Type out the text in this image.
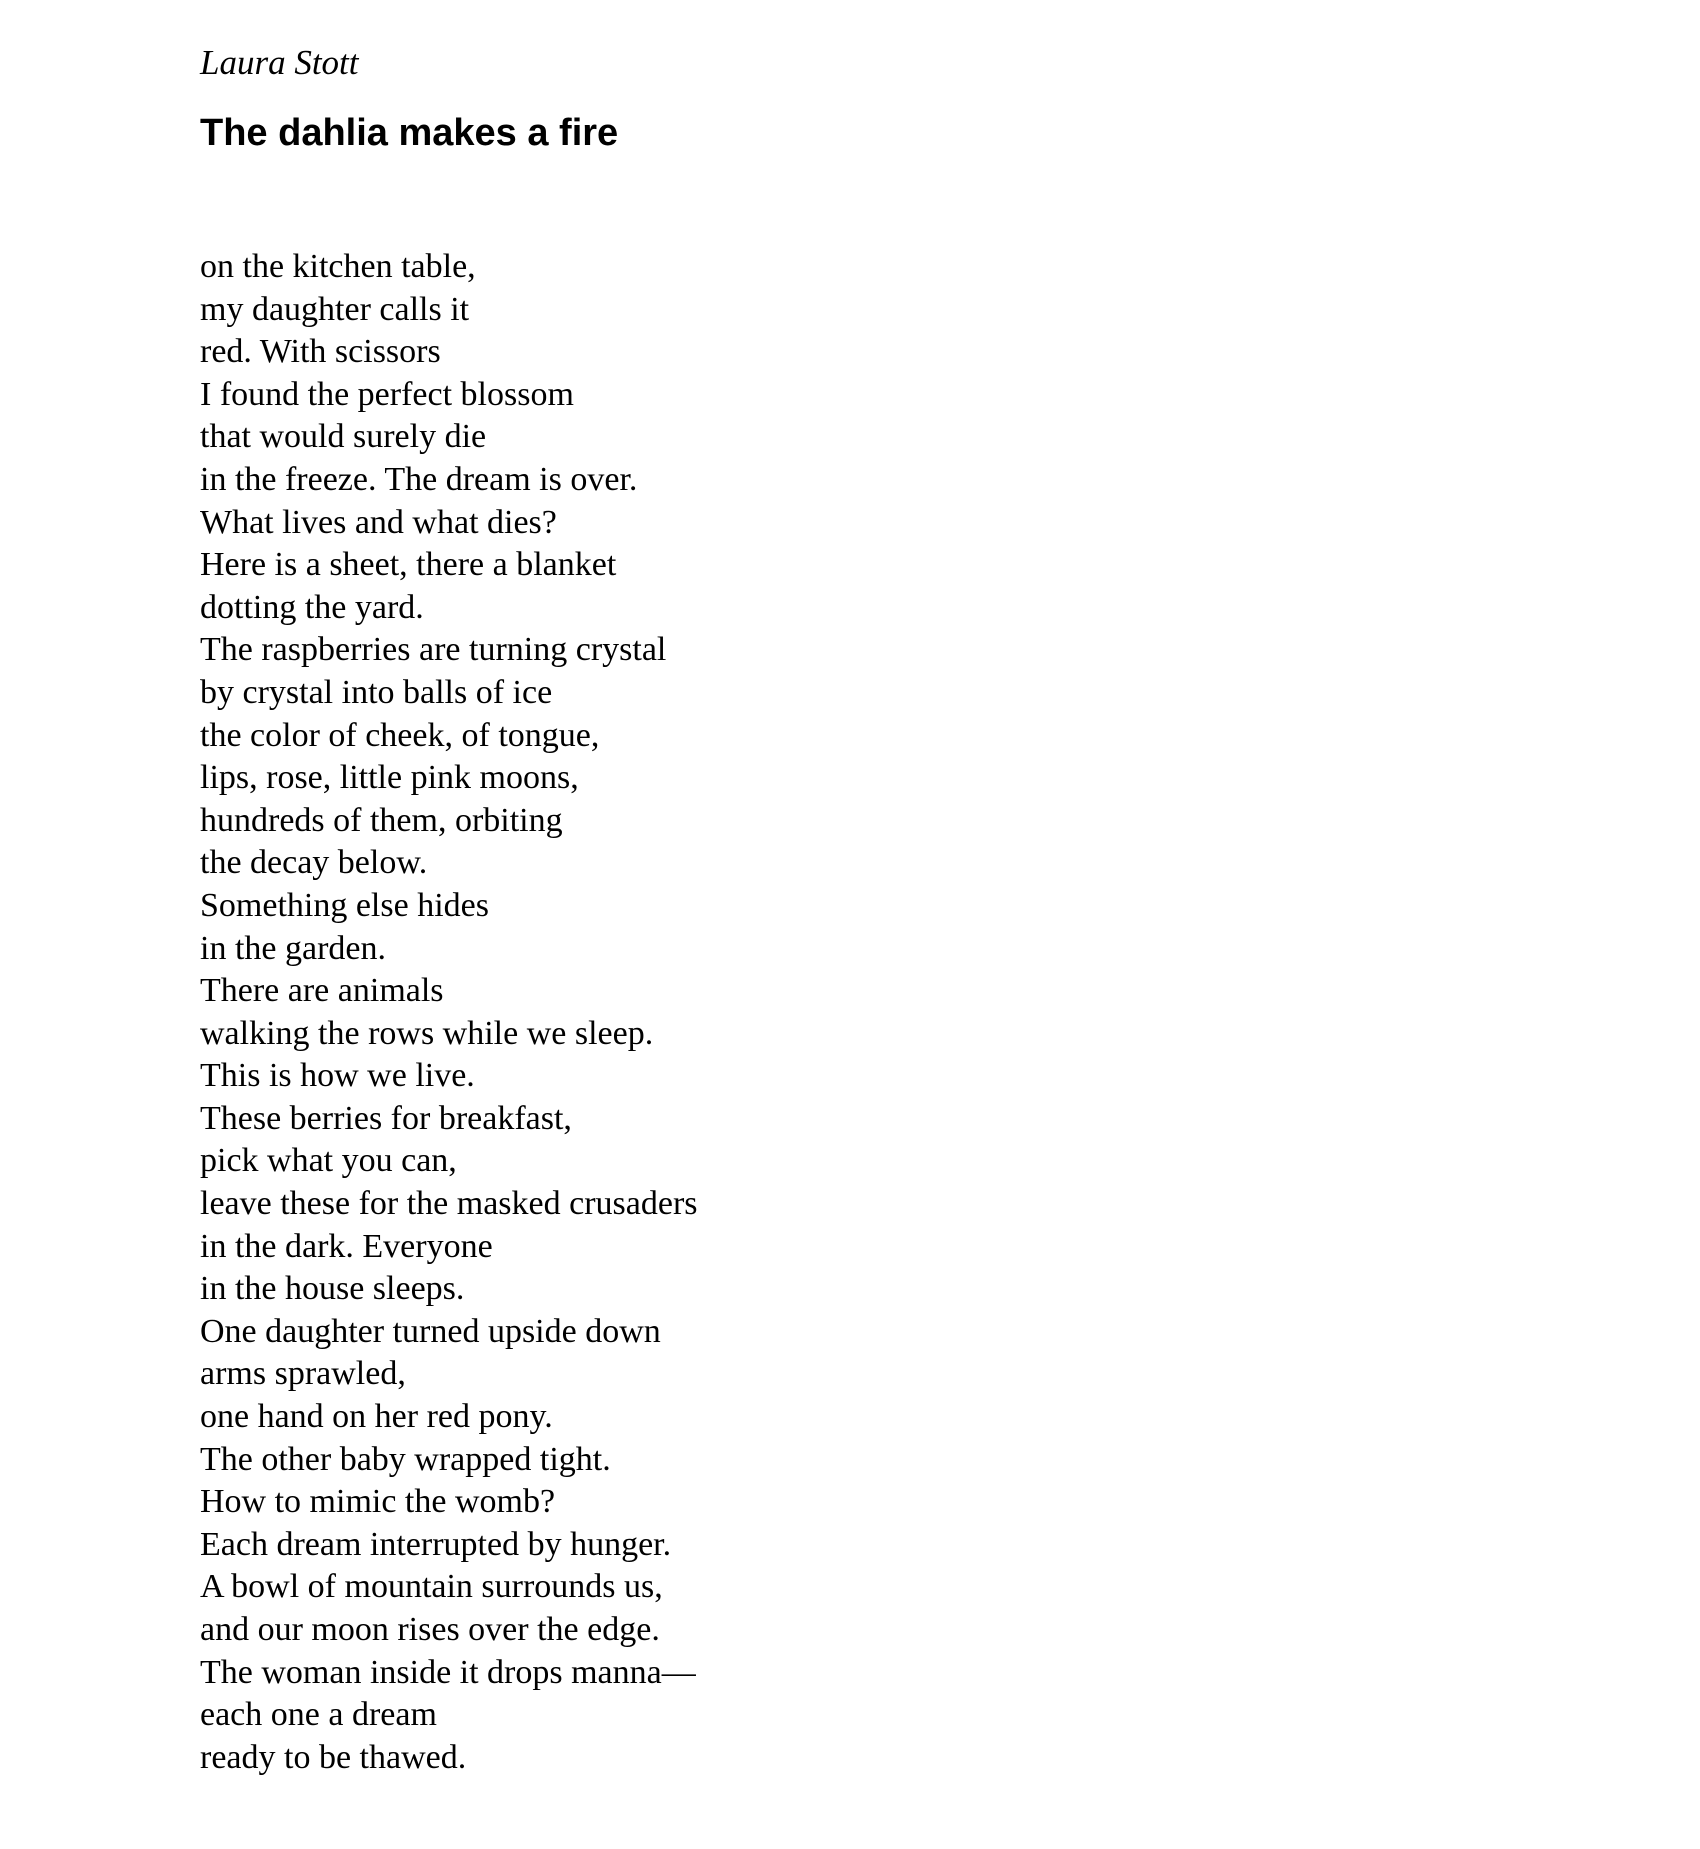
Laura Stott
The dahlia makes a fire
on the kitchen table,
my daughter calls it
red. With scissors
I found the perfect blossom
that would surely die
in the freeze. The dream is over.
What lives and what dies?
Here is a sheet, there a blanket
dotting the yard.
The raspberries are turning crystal
by crystal into balls of ice
the color of cheek, of tongue,
lips, rose, little pink moons,
hundreds of them, orbiting
the decay below.
Something else hides
in the garden.
There are animals
walking the rows while we sleep.
This is how we live.
These berries for breakfast,
pick what you can,
leave these for the masked crusaders
in the dark. Everyone
in the house sleeps.
One daughter turned upside down
arms sprawled,
one hand on her red pony.
The other baby wrapped tight.
How to mimic the womb?
Each dream interrupted by hunger.
A bowl of mountain surrounds us,
and our moon rises over the edge.
The woman inside it drops manna—
each one a dream
ready to be thawed.
